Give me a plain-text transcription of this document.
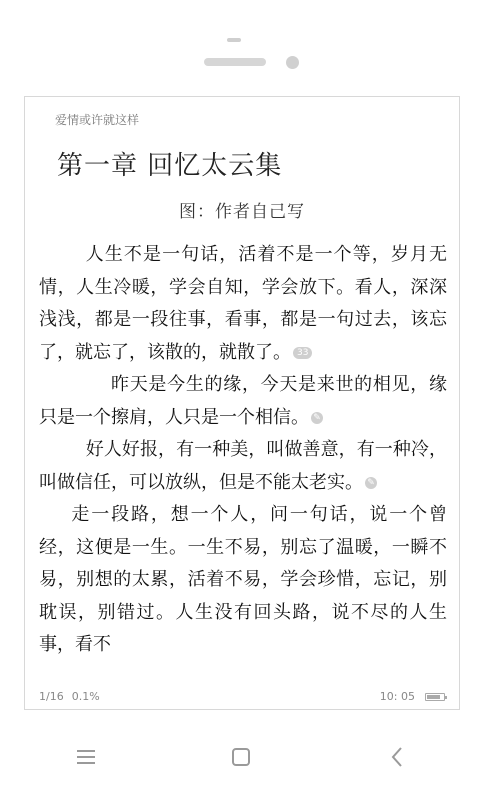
爱情或许就这样
第一章 回忆太云集
图：作者自己写

人生不是一句话，活着不是一个等，岁月无情，人生冷暖，学会自知，学会放下。看人，深深浅浅，都是一段往事，看事，都是一句过去，该忘了，就忘了，该散的，就散了。 33

昨天是今生的缘，今天是来世的相见，缘只是一个擦肩，人只是一个相信。 ✎

好人好报，有一种美，叫做善意，有一种冷，叫做信任，可以放纵，但是不能太老实。 ✎

走一段路，想一个人，问一句话，说一个曾经，这便是一生。一生不易，别忘了温暖，一瞬不易，别想的太累，活着不易，学会珍惜，忘记，别耽误，别错过。人生没有回头路，说不尽的人生事，看不

1/16 0.1%	10: 05
